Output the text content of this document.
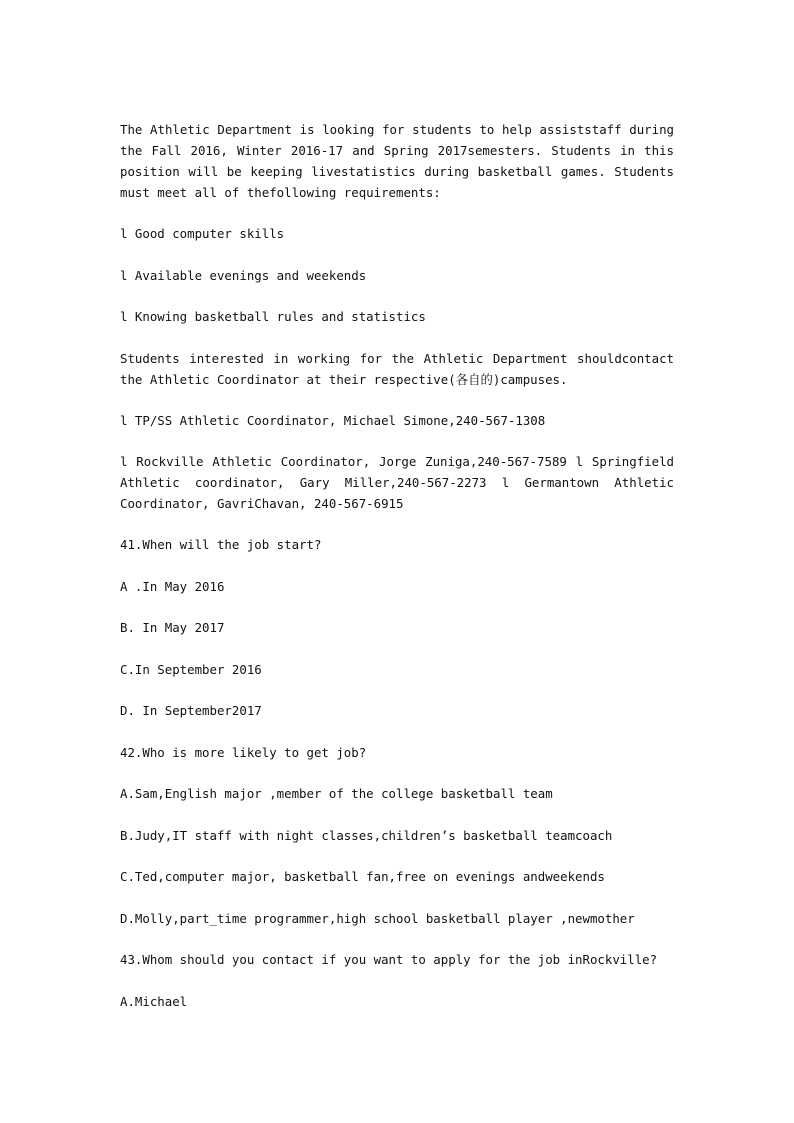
The Athletic Department is looking for students to help assiststaff during the Fall 2016, Winter 2016-17 and Spring 2017semesters. Students in this position will be keeping livestatistics during basketball games. Students must meet all of thefollowing requirements:

l Good computer skills

l Available evenings and weekends

l Knowing basketball rules and statistics

Students interested in working for the Athletic Department shouldcontact the Athletic Coordinator at their respective(各自的)campuses.

l TP/SS Athletic Coordinator, Michael Simone,240-567-1308

l Rockville Athletic Coordinator, Jorge Zuniga,240-567-7589 l Springfield Athletic coordinator, Gary Miller,240-567-2273 l Germantown Athletic Coordinator, GavriChavan, 240-567-6915

41.When will the job start?

A .In May 2016

B. In May 2017

C.In September 2016

D. In September2017

42.Who is more likely to get job?

A.Sam,English major ,member of the college basketball team

B.Judy,IT staff with night classes,children’s basketball teamcoach

C.Ted,computer major, basketball fan,free on evenings andweekends

D.Molly,part_time programmer,high school basketball player ,newmother

43.Whom should you contact if you want to apply for the job inRockville?

A.Michael
